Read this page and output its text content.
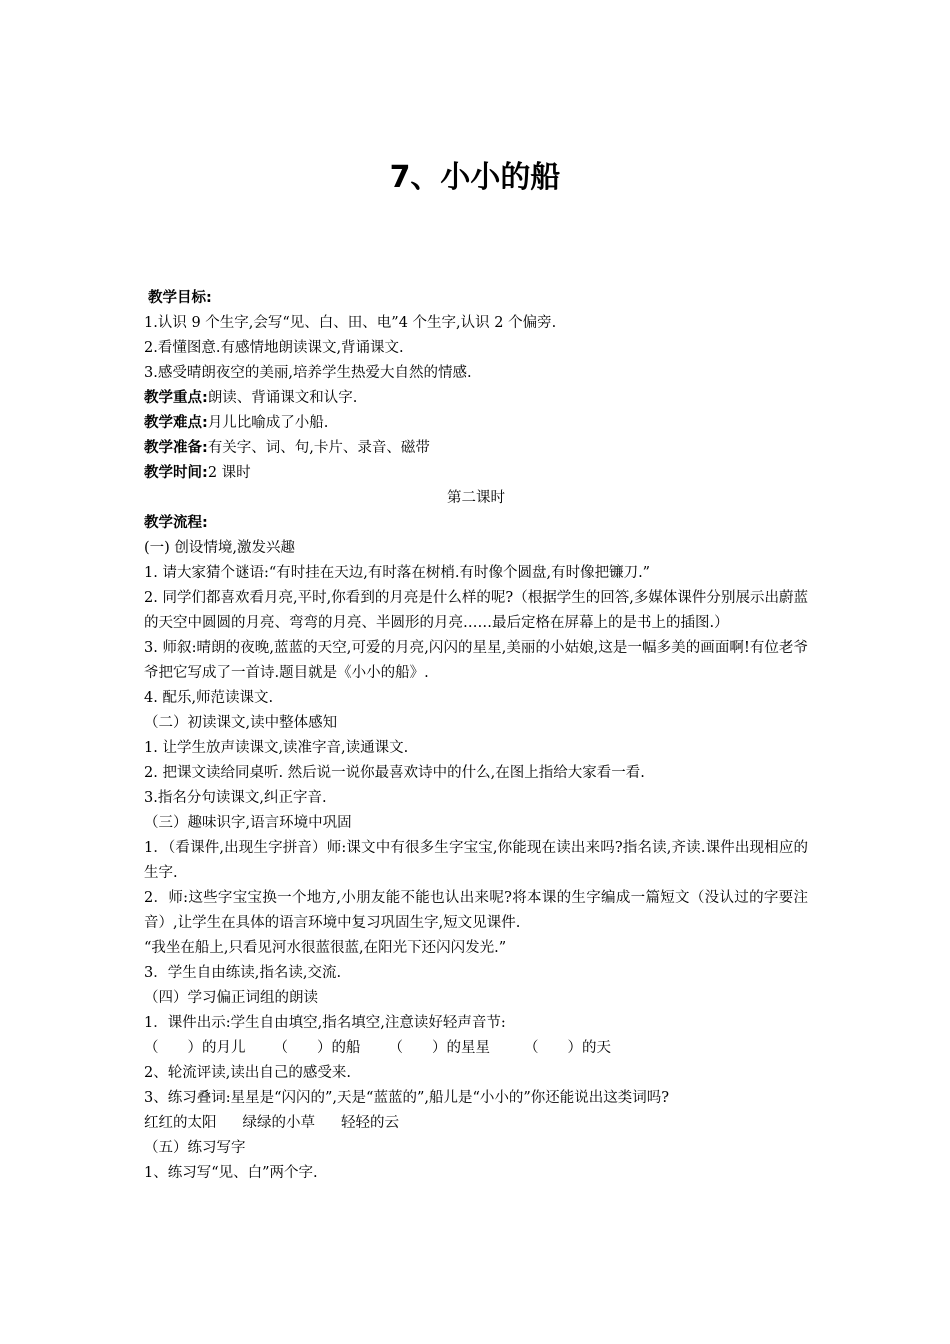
7、小小的船
教学目标:
1.认识 9 个生字,会写“见、白、田、电”4 个生字,认识 2 个偏旁.
2.看懂图意.有感情地朗读课文,背诵课文.
3.感受晴朗夜空的美丽,培养学生热爱大自然的情感.
教学重点:朗读、背诵课文和认字.
教学难点:月儿比喻成了小船.
教学准备:有关字、词、句,卡片、录音、磁带
教学时间:2 课时
第二课时
教学流程:
(一) 创设情境,激发兴趣
1. 请大家猜个谜语:“有时挂在天边,有时落在树梢.有时像个圆盘,有时像把镰刀.”
2. 同学们都喜欢看月亮,平时,你看到的月亮是什么样的呢?（根据学生的回答,多媒体课件分别展示出蔚蓝的天空中圆圆的月亮、弯弯的月亮、半圆形的月亮……最后定格在屏幕上的是书上的插图.）
3. 师叙:晴朗的夜晚,蓝蓝的天空,可爱的月亮,闪闪的星星,美丽的小姑娘,这是一幅多美的画面啊!有位老爷爷把它写成了一首诗.题目就是《小小的船》.
4. 配乐,师范读课文.
（二）初读课文,读中整体感知
1. 让学生放声读课文,读准字音,读通课文.
2. 把课文读给同桌听. 然后说一说你最喜欢诗中的什么,在图上指给大家看一看.
3.指名分句读课文,纠正字音.
（三）趣味识字,语言环境中巩固
1．（看课件,出现生字拼音）师:课文中有很多生字宝宝,你能现在读出来吗?指名读,齐读.课件出现相应的生字.
2．师:这些字宝宝换一个地方,小朋友能不能也认出来呢?将本课的生字编成一篇短文（没认过的字要注音）,让学生在具体的语言环境中复习巩固生字,短文见课件.
“我坐在船上,只看见河水很蓝很蓝,在阳光下还闪闪发光.”
3．学生自由练读,指名读,交流.
（四）学习偏正词组的朗读
1．课件出示:学生自由填空,指名填空,注意读好轻声音节:
（　　）的月儿 （　　）的船 （　　）的星星 （　　）的天
2、轮流评读,读出自己的感受来.
3、练习叠词:星星是“闪闪的”,天是“蓝蓝的”,船儿是“小小的”你还能说出这类词吗?
红红的太阳 绿绿的小草 轻轻的云
（五）练习写字
1、练习写“见、白”两个字.
